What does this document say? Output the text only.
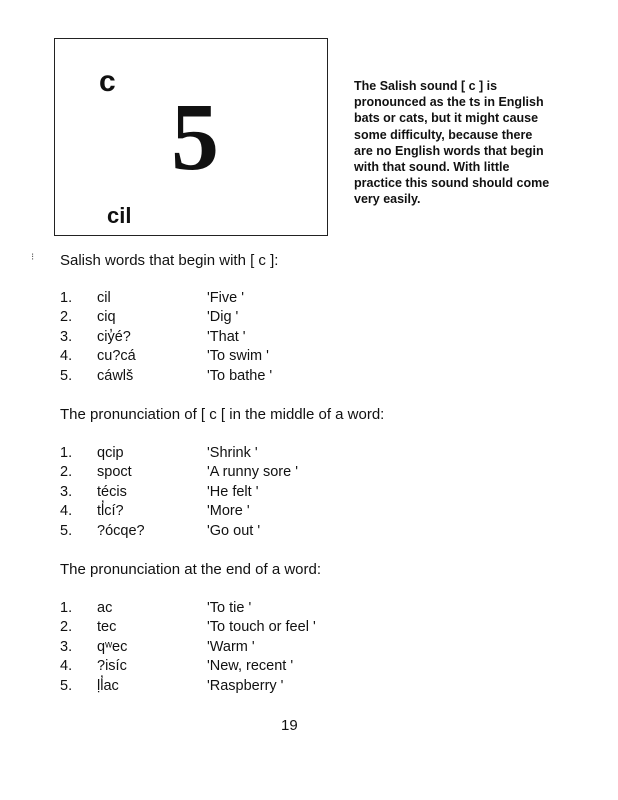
c
5
cil
The Salish sound [ c ] is pronounced as the ts in English bats or cats, but it might cause some difficulty, because there are no English words that begin with that sound. With little practice this sound should come very easily.
⁝ Salish words that begin with [ c ]:
1.	cil	'Five '
2.	ciq	'Dig '
3.	ciy̓é?	'That '
4.	cu?cá	'To swim '
5.	cáwlš	'To bathe '
The pronunciation of [ c [ in the middle of a word:
1.	qcip	'Shrink '
2.	spoct	'A runny sore '
3.	técis	'He felt '
4.	tl̓cí?	'More '
5.	?ócqe?	'Go out '
The pronunciation at the end of a word:
1.	ac	'To tie '
2.	tec	'To touch or feel '
3.	qʷec	'Warm '
4.	?isíc	'New, recent '
5.	ḷl̓ac	'Raspberry '
19
